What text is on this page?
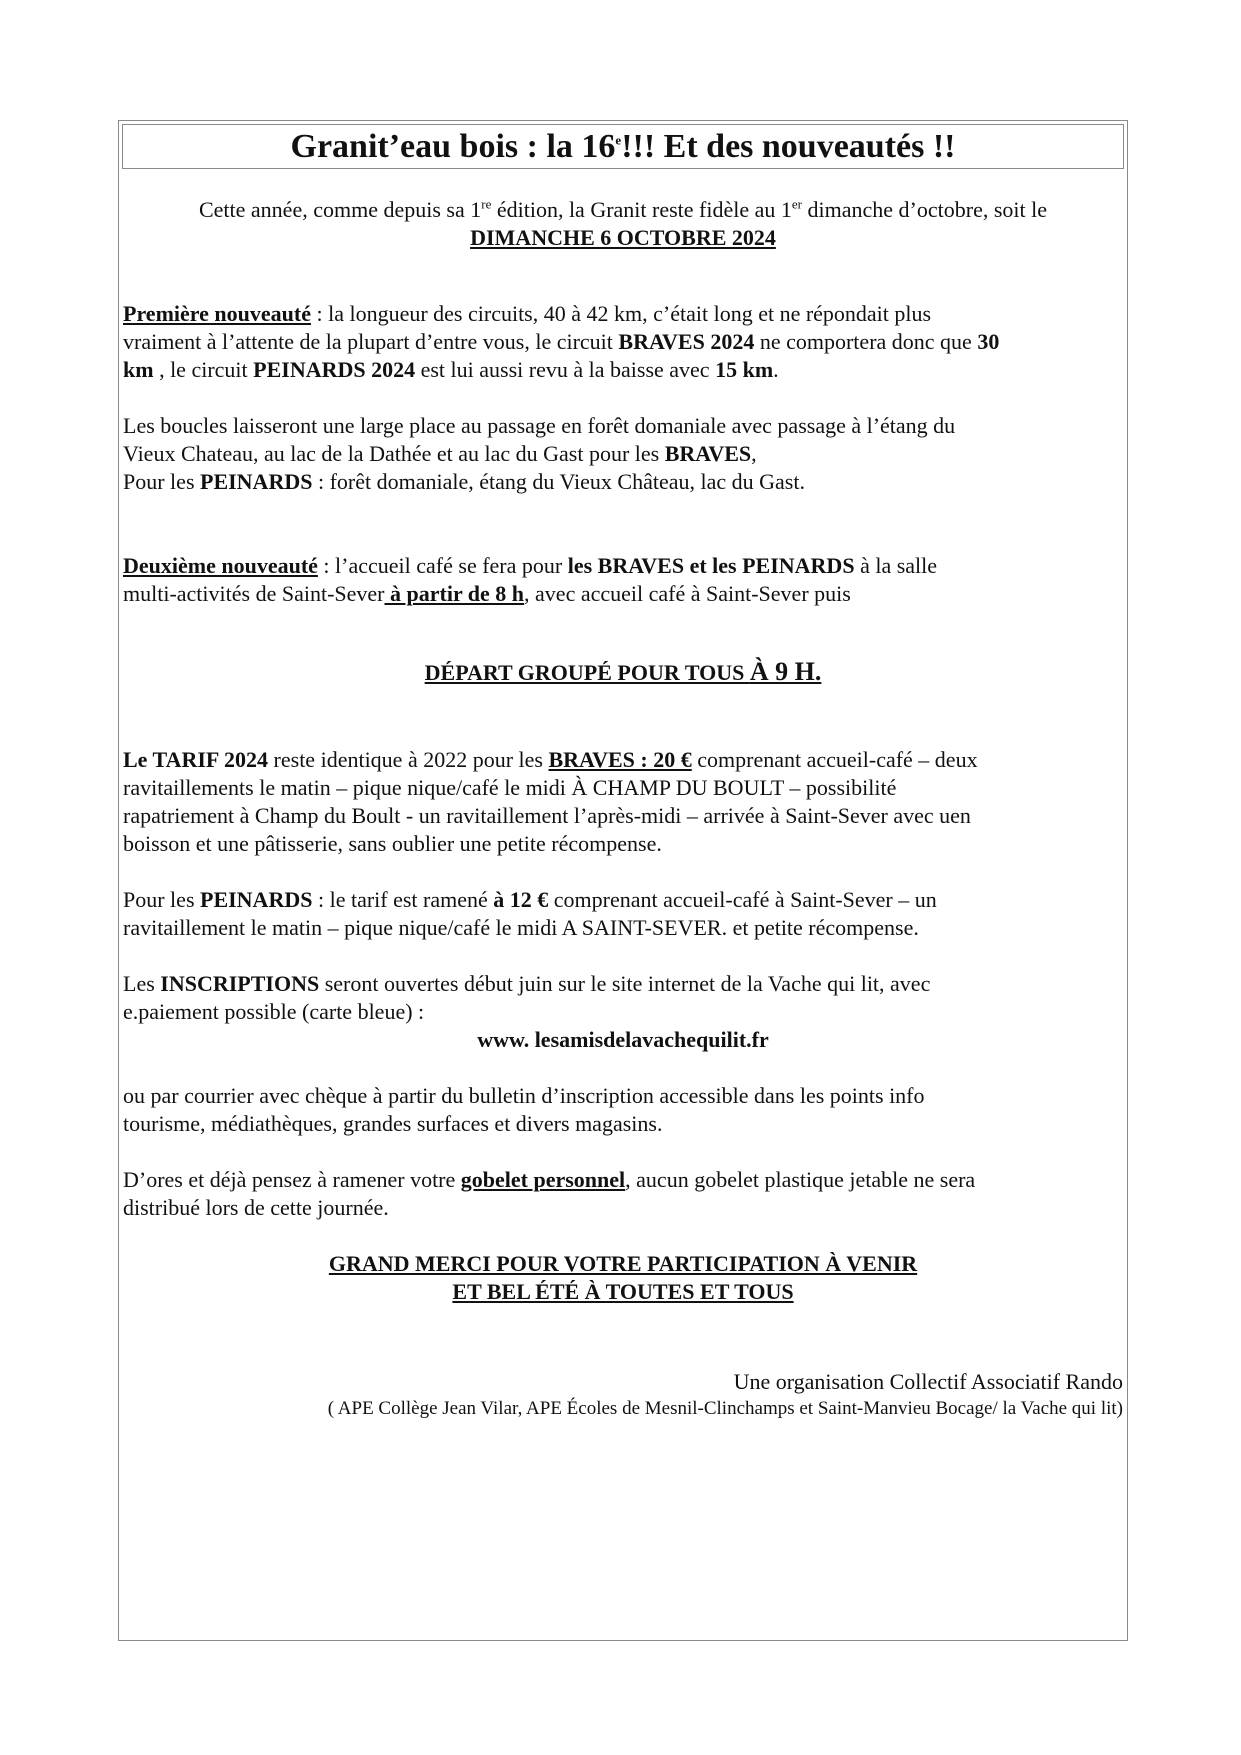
Granit’eau bois : la 16e!!! Et des nouveautés !!

Cette année, comme depuis sa 1re édition, la Granit reste fidèle au 1er dimanche d’octobre, soit le

DIMANCHE 6 OCTOBRE 2024

Première nouveauté : la longueur des circuits, 40 à 42 km, c’était long et ne répondait plus

vraiment à l’attente de la plupart d’entre vous, le circuit BRAVES 2024 ne comportera donc que 30

km , le circuit PEINARDS 2024 est lui aussi revu à la baisse avec 15 km.

Les boucles laisseront une large place au passage en forêt domaniale avec passage à l’étang du

Vieux Chateau, au lac de la Dathée et au lac du Gast pour les BRAVES,

Pour les PEINARDS : forêt domaniale, étang du Vieux Château, lac du Gast.

Deuxième nouveauté : l’accueil café se fera pour les BRAVES et les PEINARDS à la salle

multi-activités de Saint-Sever à partir de 8 h, avec accueil café à Saint-Sever puis

DÉPART GROUPÉ POUR TOUS À 9 H.

Le TARIF 2024 reste identique à 2022 pour les BRAVES : 20 € comprenant accueil-café – deux

ravitaillements le matin – pique nique/café le midi À CHAMP DU BOULT – possibilité

rapatriement à Champ du Boult - un ravitaillement l’après-midi – arrivée à Saint-Sever avec uen

boisson et une pâtisserie, sans oublier une petite récompense.

Pour les PEINARDS : le tarif est ramené à 12 € comprenant accueil-café à Saint-Sever – un

ravitaillement le matin – pique nique/café le midi A SAINT-SEVER. et petite récompense.

Les INSCRIPTIONS seront ouvertes début juin sur le site internet de la Vache qui lit, avec

e.paiement possible (carte bleue) :

www. lesamisdelavachequilit.fr

ou par courrier avec chèque à partir du bulletin d’inscription accessible dans les points info

tourisme, médiathèques, grandes surfaces et divers magasins.

D’ores et déjà pensez à ramener votre gobelet personnel, aucun gobelet plastique jetable ne sera

distribué lors de cette journée.

GRAND MERCI POUR VOTRE PARTICIPATION À VENIR

ET BEL ÉTÉ À TOUTES ET TOUS

Une organisation Collectif Associatif Rando

( APE Collège Jean Vilar, APE Écoles de Mesnil-Clinchamps et Saint-Manvieu Bocage/ la Vache qui lit)
